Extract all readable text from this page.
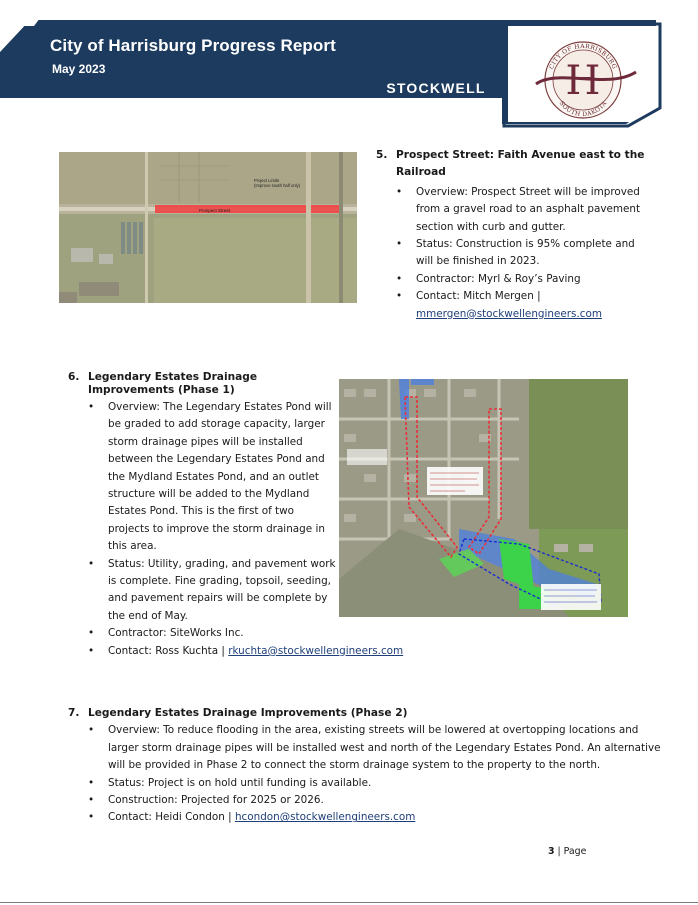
City of Harrisburg Progress Report
May 2023
STOCKWELL
CITY OF HARRISBURG
SOUTH DAKOTA
H
Prospect Street
Project Limits (Improve south half only)
5. Prospect Street: Faith Avenue east to the
Railroad
• Overview: Prospect Street will be improved
from a gravel road to an asphalt pavement
section with curb and gutter.
• Status: Construction is 95% complete and
will be finished in 2023.
• Contractor: Myrl & Roy’s Paving
• Contact: Mitch Mergen |
mmergen@stockwellengineers.com
6. Legendary Estates Drainage
Improvements (Phase 1)
• Overview: The Legendary Estates Pond will
be graded to add storage capacity, larger
storm drainage pipes will be installed
between the Legendary Estates Pond and
the Mydland Estates Pond, and an outlet
structure will be added to the Mydland
Estates Pond. This is the first of two
projects to improve the storm drainage in
this area.
• Status: Utility, grading, and pavement work
is complete. Fine grading, topsoil, seeding,
and pavement repairs will be complete by
the end of May.
• Contractor: SiteWorks Inc.
• Contact: Ross Kuchta | rkuchta@stockwellengineers.com
7. Legendary Estates Drainage Improvements (Phase 2)
• Overview: To reduce flooding in the area, existing streets will be lowered at overtopping locations and
larger storm drainage pipes will be installed west and north of the Legendary Estates Pond. An alternative
will be provided in Phase 2 to connect the storm drainage system to the property to the north.
• Status: Project is on hold until funding is available.
• Construction: Projected for 2025 or 2026.
• Contact: Heidi Condon | hcondon@stockwellengineers.com
3 | Page
